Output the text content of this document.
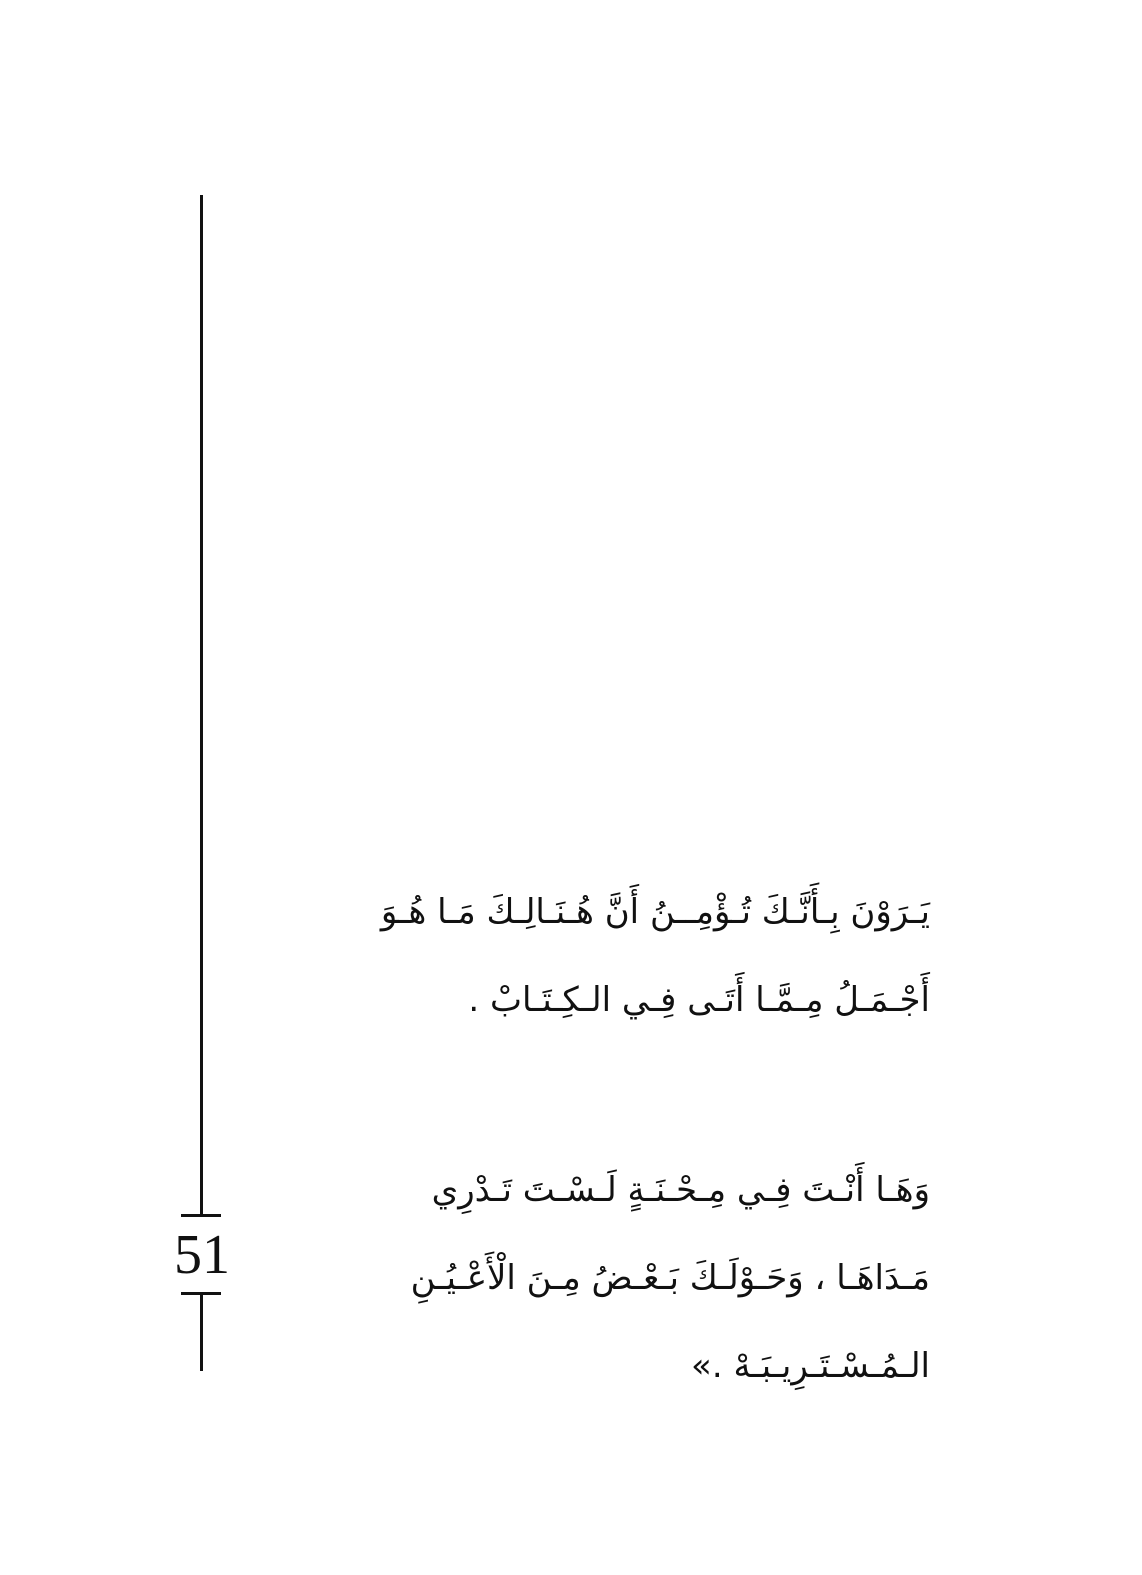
51
يَـرَوْنَ بِـأَنَّـكَ تُـؤْمِــنُ أَنَّ هُـنَـالِـكَ مَـا هُـوَ
أَجْـمَـلُ مِـمَّـا أَتَـى فِـي الـكِـتَـابْ .
وَهَـا أَنْـتَ فِـي مِـحْـنَـةٍ لَـسْـتَ تَـدْرِي
مَـدَاهَـا ، وَحَـوْلَـكَ بَـعْـضُ مِـنَ الْأَعْـيُـنِ
الـمُـسْـتَـرِيـبَـهْ .»
